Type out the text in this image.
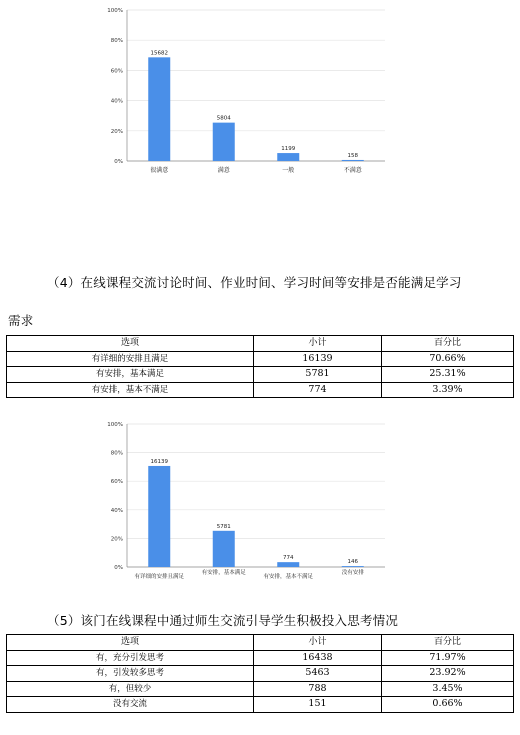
0%
20%
40%
60%
80%
100%
15682
很满意
5804
满意
1199
一般
158
不满意
（4）在线课程交流讨论时间、作业时间、学习时间等安排是否能满足学习
需求
选项	小计	百分比
有详细的安排且满足	16139	70.66%
有安排，基本满足	5781	25.31%
有安排，基本不满足	774	3.39%
0%
20%
40%
60%
80%
100%
16139
有详细的安排且满足
5781
有安排，基本满足
774
有安排，基本不满足
146
没有安排
（5）该门在线课程中通过师生交流引导学生积极投入思考情况
选项	小计	百分比
有，充分引发思考	16438	71.97%
有，引发较多思考	5463	23.92%
有，但较少	788	3.45%
没有交流	151	0.66%
